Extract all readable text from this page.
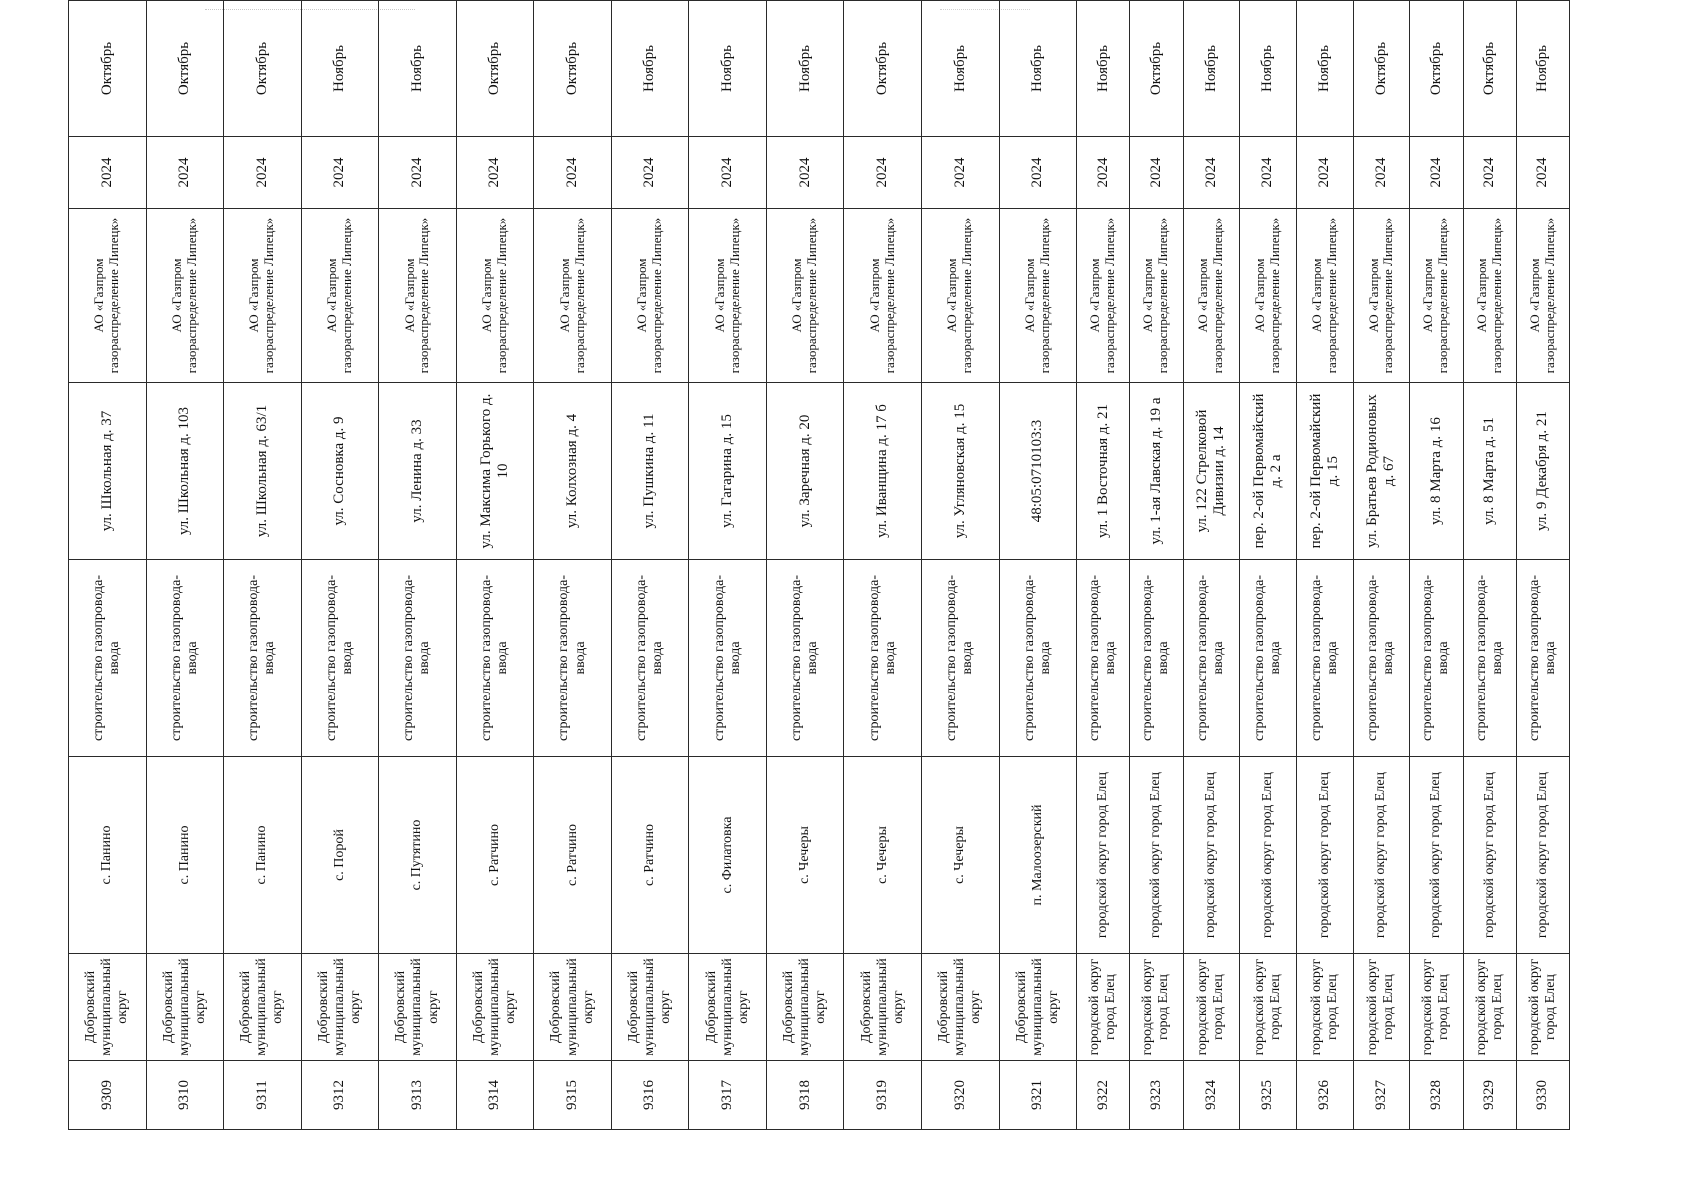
9309	Добровский муниципальный округ	с. Панино	строительство газопровода-ввода	ул. Школьная д. 37	АО «Газпром газораспределение Липецк»	2024	Октябрь
9310	Добровский муниципальный округ	с. Панино	строительство газопровода-ввода	ул. Школьная д. 103	АО «Газпром газораспределение Липецк»	2024	Октябрь
9311	Добровский муниципальный округ	с. Панино	строительство газопровода-ввода	ул. Школьная д. 63/1	АО «Газпром газораспределение Липецк»	2024	Октябрь
9312	Добровский муниципальный округ	с. Порой	строительство газопровода-ввода	ул. Сосновка д. 9	АО «Газпром газораспределение Липецк»	2024	Ноябрь
9313	Добровский муниципальный округ	с. Путятино	строительство газопровода-ввода	ул. Ленина д. 33	АО «Газпром газораспределение Липецк»	2024	Ноябрь
9314	Добровский муниципальный округ	с. Ратчино	строительство газопровода-ввода	ул. Максима Горького д. 10	АО «Газпром газораспределение Липецк»	2024	Октябрь
9315	Добровский муниципальный округ	с. Ратчино	строительство газопровода-ввода	ул. Колхозная д. 4	АО «Газпром газораспределение Липецк»	2024	Октябрь
9316	Добровский муниципальный округ	с. Ратчино	строительство газопровода-ввода	ул. Пушкина д. 11	АО «Газпром газораспределение Липецк»	2024	Ноябрь
9317	Добровский муниципальный округ	с. Филатовка	строительство газопровода-ввода	ул. Гагарина д. 15	АО «Газпром газораспределение Липецк»	2024	Ноябрь
9318	Добровский муниципальный округ	с. Чечеры	строительство газопровода-ввода	ул. Заречная д. 20	АО «Газпром газораспределение Липецк»	2024	Ноябрь
9319	Добровский муниципальный округ	с. Чечеры	строительство газопровода-ввода	ул. Иванщина д. 17 б	АО «Газпром газораспределение Липецк»	2024	Октябрь
9320	Добровский муниципальный округ	с. Чечеры	строительство газопровода-ввода	ул. Угляновская д. 15	АО «Газпром газораспределение Липецк»	2024	Ноябрь
9321	Добровский муниципальный округ	п. Малоозерский	строительство газопровода-ввода	48:05:0710103:3	АО «Газпром газораспределение Липецк»	2024	Ноябрь
9322	городской округ город Елец	городской округ город Елец	строительство газопровода-ввода	ул. 1 Восточная д. 21	АО «Газпром газораспределение Липецк»	2024	Ноябрь
9323	городской округ город Елец	городской округ город Елец	строительство газопровода-ввода	ул. 1-ая Лавская д. 19 а	АО «Газпром газораспределение Липецк»	2024	Октябрь
9324	городской округ город Елец	городской округ город Елец	строительство газопровода-ввода	ул. 122 Стрелковой Дивизии д. 14	АО «Газпром газораспределение Липецк»	2024	Ноябрь
9325	городской округ город Елец	городской округ город Елец	строительство газопровода-ввода	пер. 2-ой Первомайский д. 2 а	АО «Газпром газораспределение Липецк»	2024	Ноябрь
9326	городской округ город Елец	городской округ город Елец	строительство газопровода-ввода	пер. 2-ой Первомайский д. 15	АО «Газпром газораспределение Липецк»	2024	Ноябрь
9327	городской округ город Елец	городской округ город Елец	строительство газопровода-ввода	ул. Братьев Родионовых д. 67	АО «Газпром газораспределение Липецк»	2024	Октябрь
9328	городской округ город Елец	городской округ город Елец	строительство газопровода-ввода	ул. 8 Марта д. 16	АО «Газпром газораспределение Липецк»	2024	Октябрь
9329	городской округ город Елец	городской округ город Елец	строительство газопровода-ввода	ул. 8 Марта д. 51	АО «Газпром газораспределение Липецк»	2024	Октябрь
9330	городской округ город Елец	городской округ город Елец	строительство газопровода-ввода	ул. 9 Декабря д. 21	АО «Газпром газораспределение Липецк»	2024	Ноябрь
